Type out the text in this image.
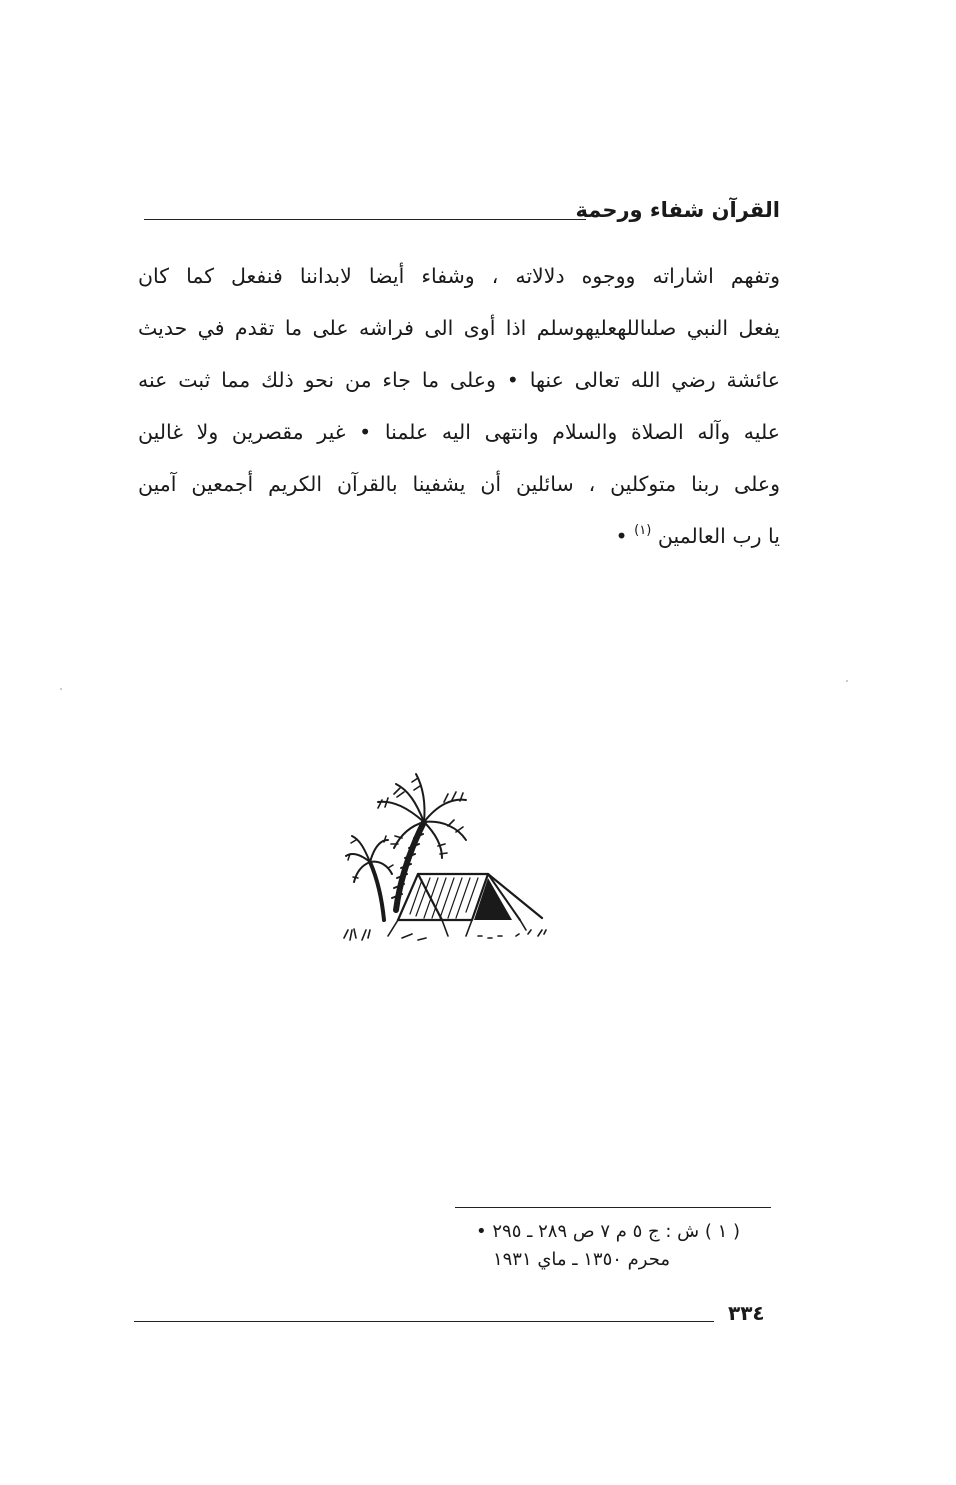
القرآن شفاء ورحمة
وتفهم اشاراته ووجوه دلالاته ، وشفاء أيضا لابداننا فنفعل كما كان
يفعل النبي صلىاللهعليهوسلم اذا أوى الى فراشه على ما تقدم في حديث
عائشة رضي الله تعالى عنها • وعلى ما جاء من نحو ذلك مما ثبت عنه
عليه وآله الصلاة والسلام وانتهى اليه علمنا • غير مقصرين ولا غالين
وعلى ربنا متوكلين ، سائلين أن يشفينا بالقرآن الكريم أجمعين آمين
يا رب العالمين $^{(١)}$ •
( ١ ) ش : ج ٥ م ٧ ص ٢٨٩ ـ ٢٩٥ •
محرم ١٣٥٠ ـ ماي ١٩٣١
٣٣٤
